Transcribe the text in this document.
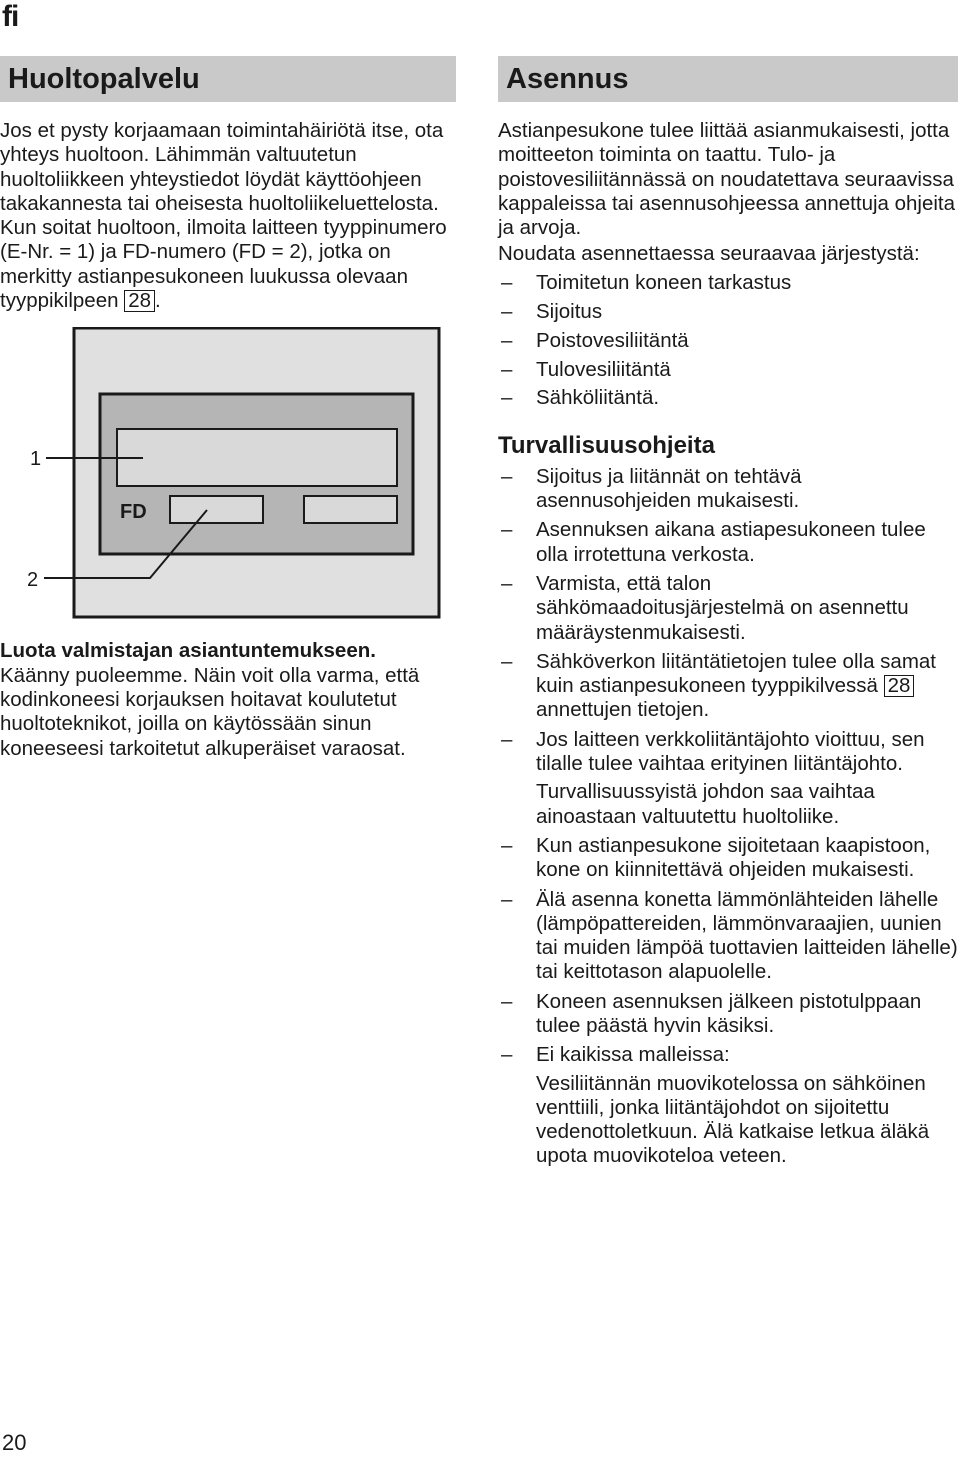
fi
Huoltopalvelu

Jos et pysty korjaamaan toimintahäiriötä itse, ota yhteys huoltoon. Lähimmän valtuutetun huoltoliikkeen yhteystiedot löydät käyttöohjeen takakannesta tai oheisesta huoltoliikeluettelosta. Kun soitat huoltoon, ilmoita laitteen tyyppinumero (E-Nr. = 1) ja FD-numero (FD = 2), jotka on merkitty astianpesukoneen luukussa olevaan tyyppikilpeen 28 .

FD
1
2

Luota valmistajan asiantuntemukseen.

Käänny puoleemme. Näin voit olla varma, että kodinkoneesi korjauksen hoitavat koulutetut huoltoteknikot, joilla on käytössään sinun koneeseesi tarkoitetut alkuperäiset varaosat.

Asennus

Astianpesukone tulee liittää asianmukaisesti, jotta moitteeton toiminta on taattu. Tulo- ja poistovesiliitännässä on noudatettava seuraavissa kappaleissa tai asennusohjeessa annettuja ohjeita ja arvoja.

Noudata asennettaessa seuraavaa järjestystä:

– Toimitetun koneen tarkastus
– Sijoitus
– Poistovesiliitäntä
– Tulovesiliitäntä
– Sähköliitäntä.
Turvallisuusohjeita
– Sijoitus ja liitännät on tehtävä asennusohjeiden mukaisesti.
– Asennuksen aikana astiapesukoneen tulee olla irrotettuna verkosta.
– Varmista, että talon sähkömaadoitusjärjestelmä on asennettu määräystenmukaisesti.
– Sähköverkon liitäntätietojen tulee olla samat kuin astianpesukoneen tyyppikilvessä 28 annettujen tietojen.
– Jos laitteen verkkoliitäntäjohto vioittuu, sen tilalle tulee vaihtaa erityinen liitäntäjohto.
Turvallisuussyistä johdon saa vaihtaa ainoastaan valtuutettu huoltoliike.
– Kun astianpesukone sijoitetaan kaapistoon, kone on kiinnitettävä ohjeiden mukaisesti.
– Älä asenna konetta lämmönlähteiden lähelle (lämpöpattereiden, lämmönvaraajien, uunien tai muiden lämpöä tuottavien laitteiden lähelle) tai keittotason alapuolelle.
– Koneen asennuksen jälkeen pistotulppaan tulee päästä hyvin käsiksi.
– Ei kaikissa malleissa:
Vesiliitännän muovikotelossa on sähköinen venttiili, jonka liitäntäjohdot on sijoitettu vedenottoletkuun. Älä katkaise letkua äläkä upota muovikoteloa veteen.
20
